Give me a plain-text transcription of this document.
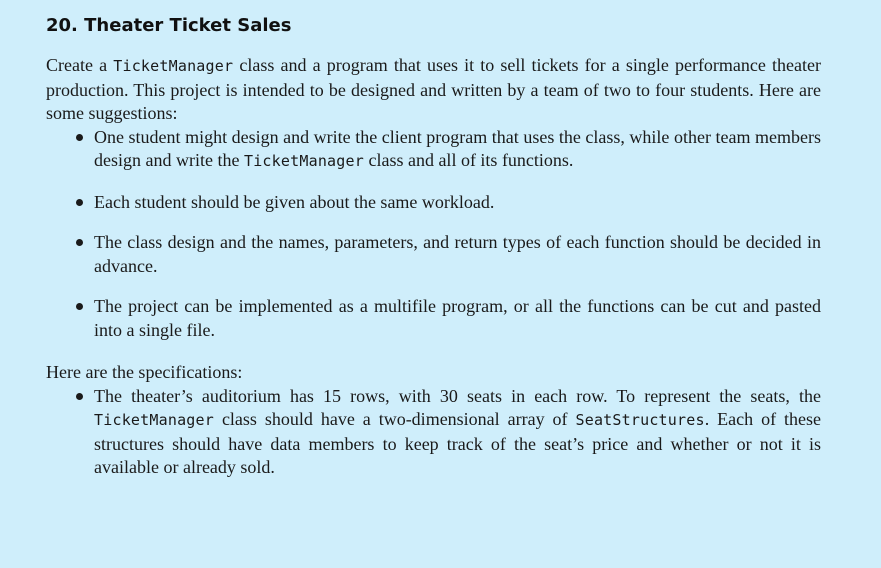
20. Theater Ticket Sales

Create a TicketManager class and a program that uses it to sell tickets for a single performance theater production. This project is intended to be designed and written by a team of two to four students. Here are some suggestions:

One student might design and write the client program that uses the class, while other team members design and write the TicketManager class and all of its functions.
Each student should be given about the same workload.
The class design and the names, parameters, and return types of each function should be decided in advance.
The project can be implemented as a multifile program, or all the functions can be cut and pasted into a single file.

Here are the specifications:

The theater’s auditorium has 15 rows, with 30 seats in each row. To represent the seats, the TicketManager class should have a two-dimensional array of SeatStructures. Each of these structures should have data members to keep track of the seat’s price and whether or not it is available or already sold.
